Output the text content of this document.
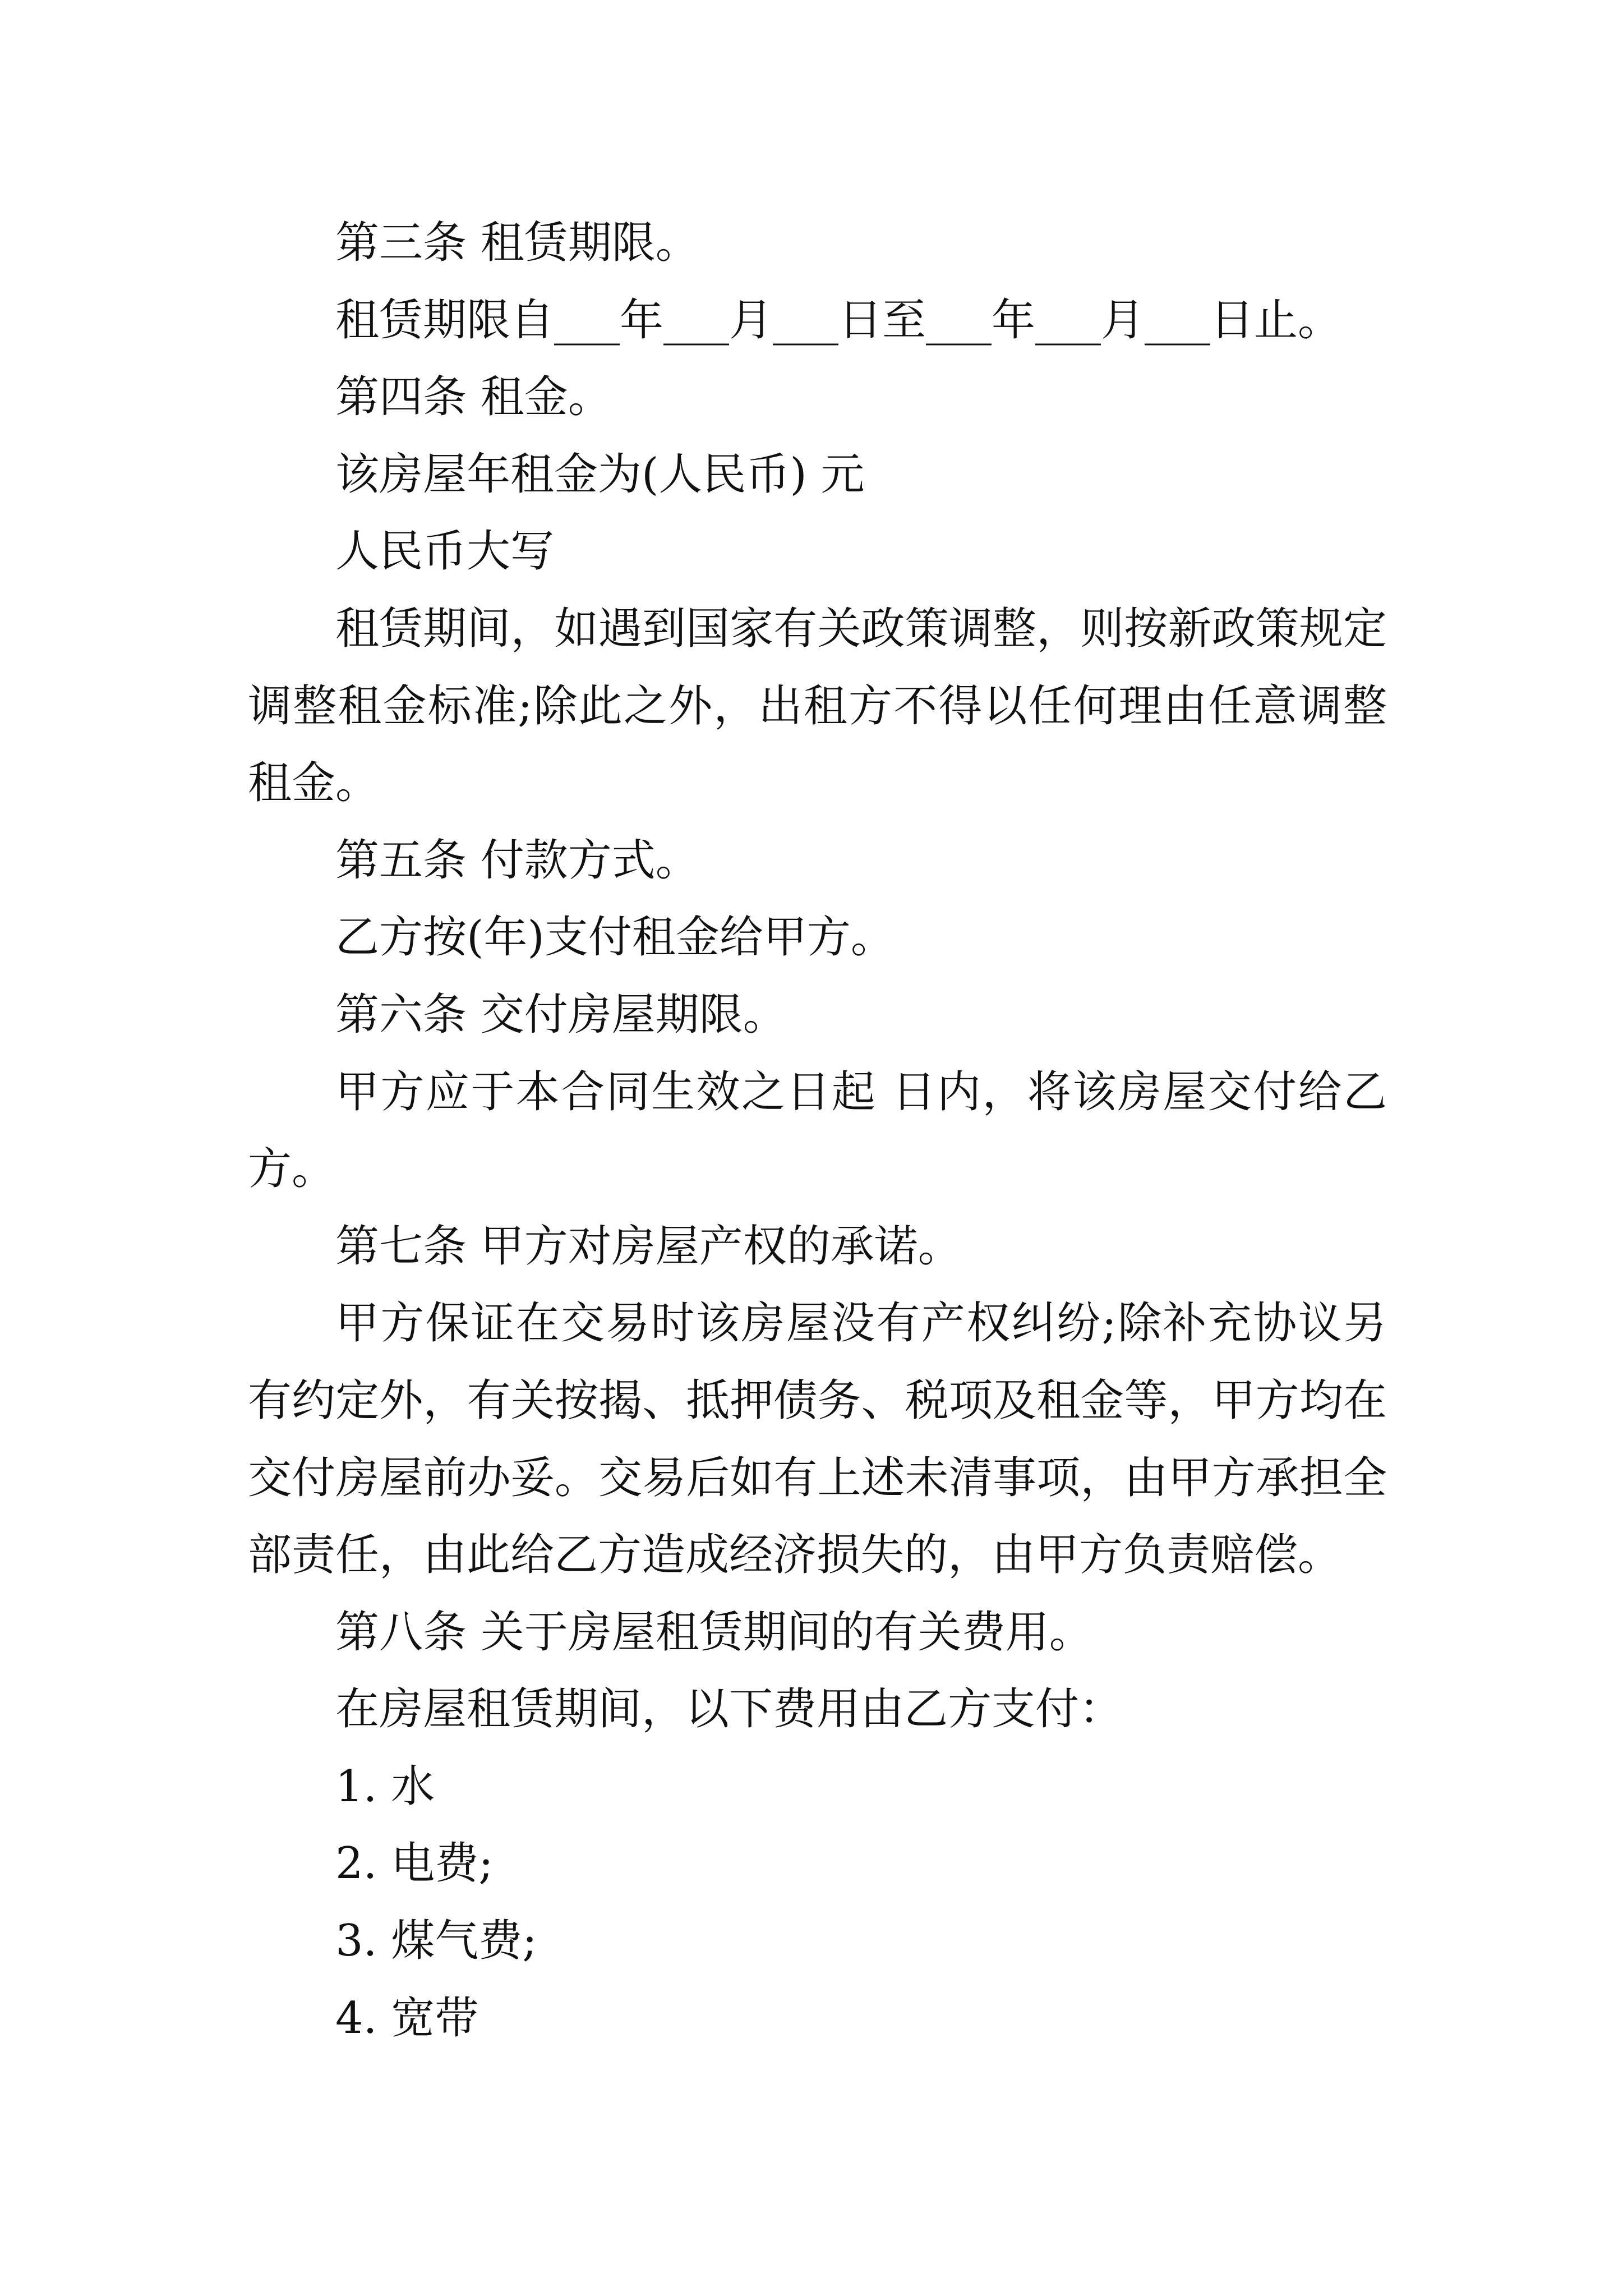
第三条 租赁期限。
租赁期限自___年___月___日至___年___月___日止。
第四条 租金。
该房屋年租金为(人民币) 元
人民币大写
租赁期间，如遇到国家有关政策调整，则按新政策规定
调整租金标准;除此之外，出租方不得以任何理由任意调整
租金。
第五条 付款方式。
乙方按(年)支付租金给甲方。
第六条 交付房屋期限。
甲方应于本合同生效之日起 日内，将该房屋交付给乙
方。
第七条 甲方对房屋产权的承诺。
甲方保证在交易时该房屋没有产权纠纷;除补充协议另
有约定外，有关按揭、抵押债务、税项及租金等，甲方均在
交付房屋前办妥。交易后如有上述未清事项，由甲方承担全
部责任，由此给乙方造成经济损失的，由甲方负责赔偿。
第八条 关于房屋租赁期间的有关费用。
在房屋租赁期间，以下费用由乙方支付：
1. 水
2. 电费;
3. 煤气费;
4. 宽带
